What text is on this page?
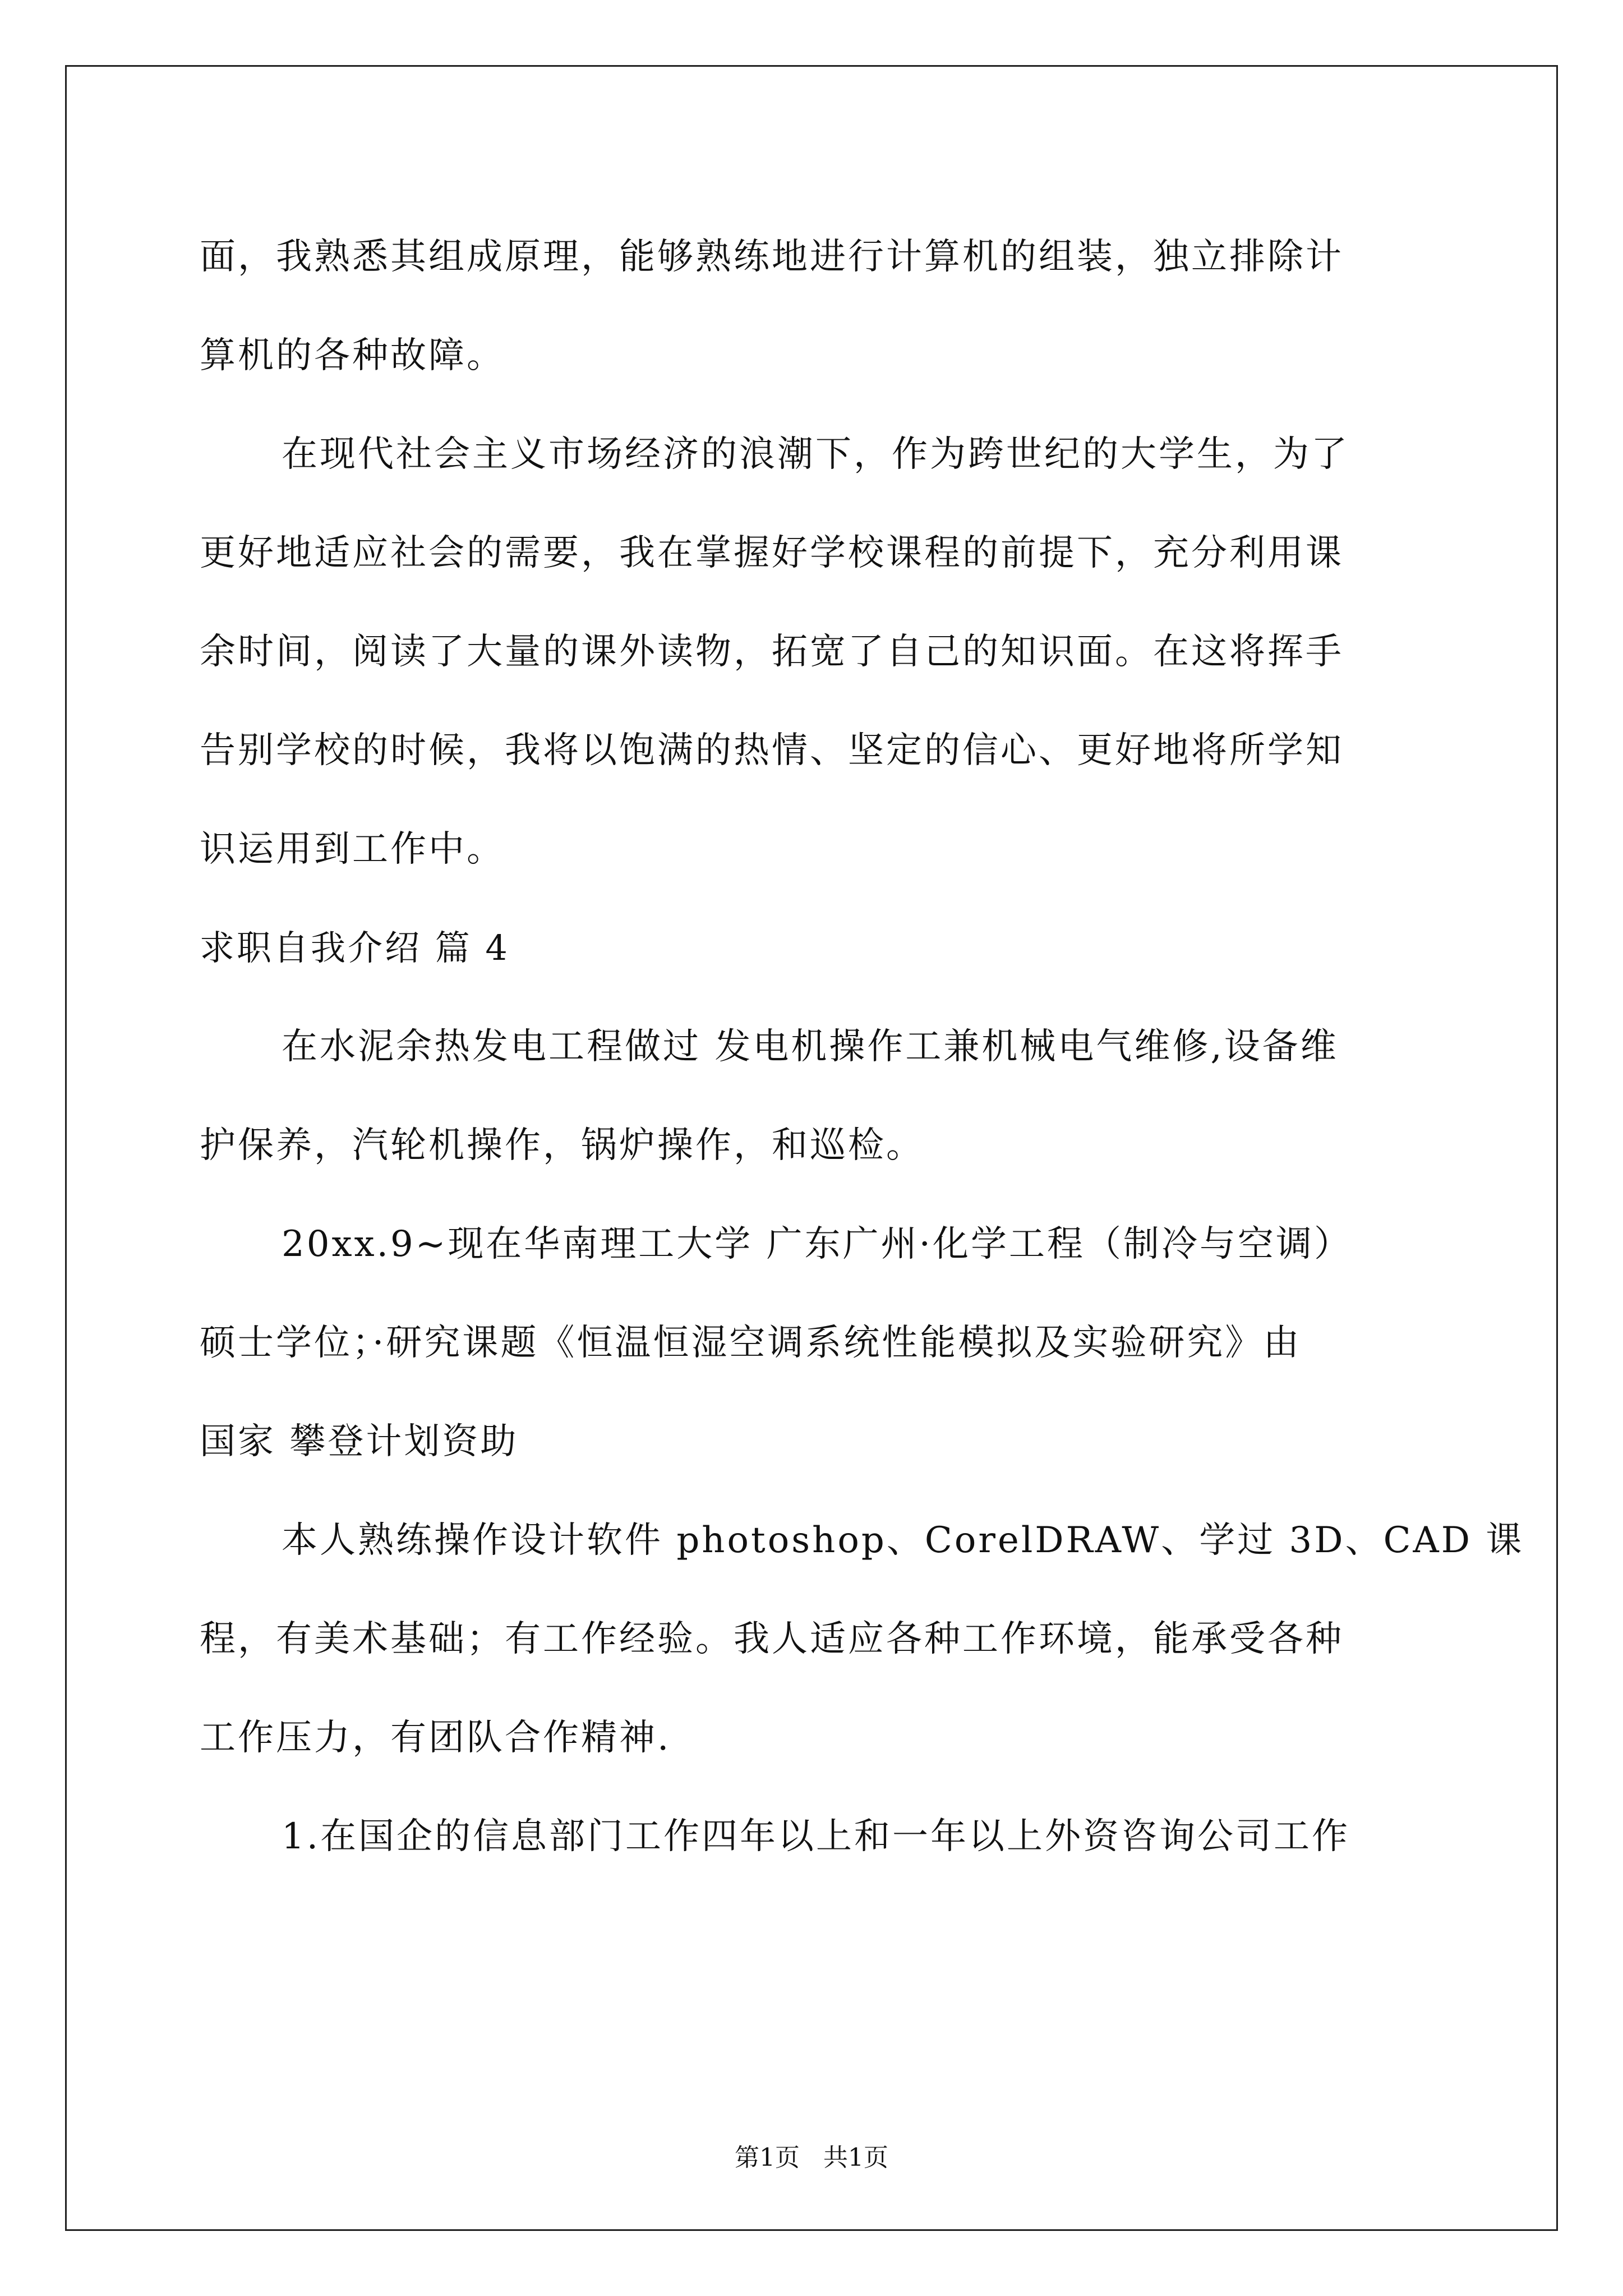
面，我熟悉其组成原理，能够熟练地进行计算机的组装，独立排除计
算机的各种故障。
在现代社会主义市场经济的浪潮下，作为跨世纪的大学生，为了
更好地适应社会的需要，我在掌握好学校课程的前提下，充分利用课
余时间，阅读了大量的课外读物，拓宽了自己的知识面。在这将挥手
告别学校的时候，我将以饱满的热情、坚定的信心、更好地将所学知
识运用到工作中。
求职自我介绍 篇 4
在水泥余热发电工程做过 发电机操作工兼机械电气维修,设备维
护保养，汽轮机操作，锅炉操作，和巡检。
20xx.9~现在华南理工大学 广东广州·化学工程（制冷与空调）
硕士学位；·研究课题《恒温恒湿空调系统性能模拟及实验研究》由
国家 攀登计划资助
本人熟练操作设计软件 photoshop、CorelDRAW、学过 3D、CAD 课
程，有美术基础；有工作经验。我人适应各种工作环境，能承受各种
工作压力，有团队合作精神.
1.在国企的信息部门工作四年以上和一年以上外资咨询公司工作
第1页 共1页
